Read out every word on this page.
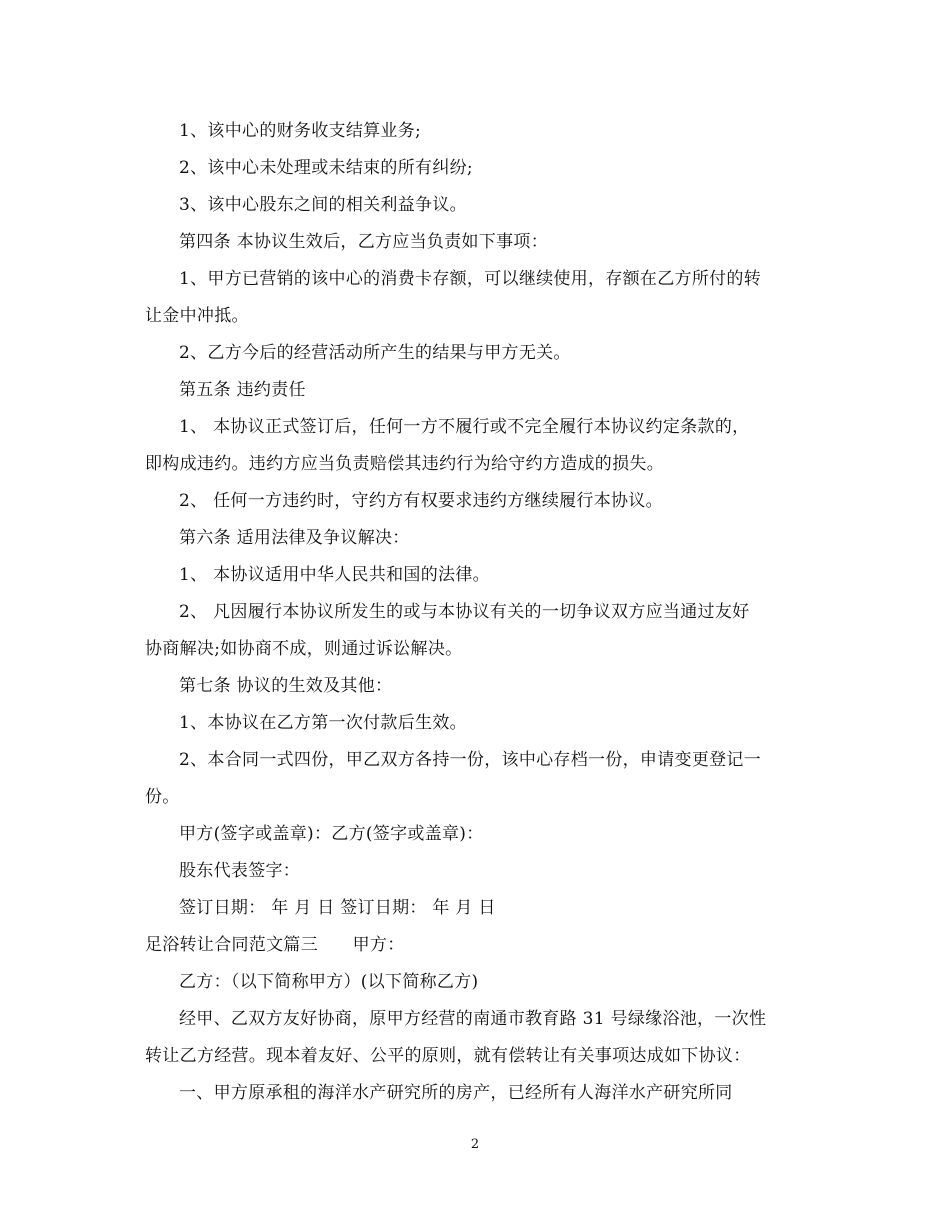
1、该中心的财务收支结算业务;
2、该中心未处理或未结束的所有纠纷;
3、该中心股东之间的相关利益争议。
第四条 本协议生效后，乙方应当负责如下事项：
1、甲方已营销的该中心的消费卡存额，可以继续使用，存额在乙方所付的转
让金中冲抵。
2、乙方今后的经营活动所产生的结果与甲方无关。
第五条 违约责任
1、 本协议正式签订后，任何一方不履行或不完全履行本协议约定条款的，
即构成违约。违约方应当负责赔偿其违约行为给守约方造成的损失。
2、 任何一方违约时，守约方有权要求违约方继续履行本协议。
第六条 适用法律及争议解决：
1、 本协议适用中华人民共和国的法律。
2、 凡因履行本协议所发生的或与本协议有关的一切争议双方应当通过友好
协商解决;如协商不成，则通过诉讼解决。
第七条 协议的生效及其他：
1、本协议在乙方第一次付款后生效。
2、本合同一式四份，甲乙双方各持一份，该中心存档一份，申请变更登记一
份。
甲方(签字或盖章)：乙方(签字或盖章)：
股东代表签字：
签订日期： 年 月 日 签订日期： 年 月 日
足浴转让合同范文篇三　　甲方：
乙方：（以下简称甲方）(以下简称乙方)
经甲、乙双方友好协商，原甲方经营的南通市教育路 31 号绿缘浴池，一次性
转让乙方经营。现本着友好、公平的原则，就有偿转让有关事项达成如下协议：
一、甲方原承租的海洋水产研究所的房产，已经所有人海洋水产研究所同
2
